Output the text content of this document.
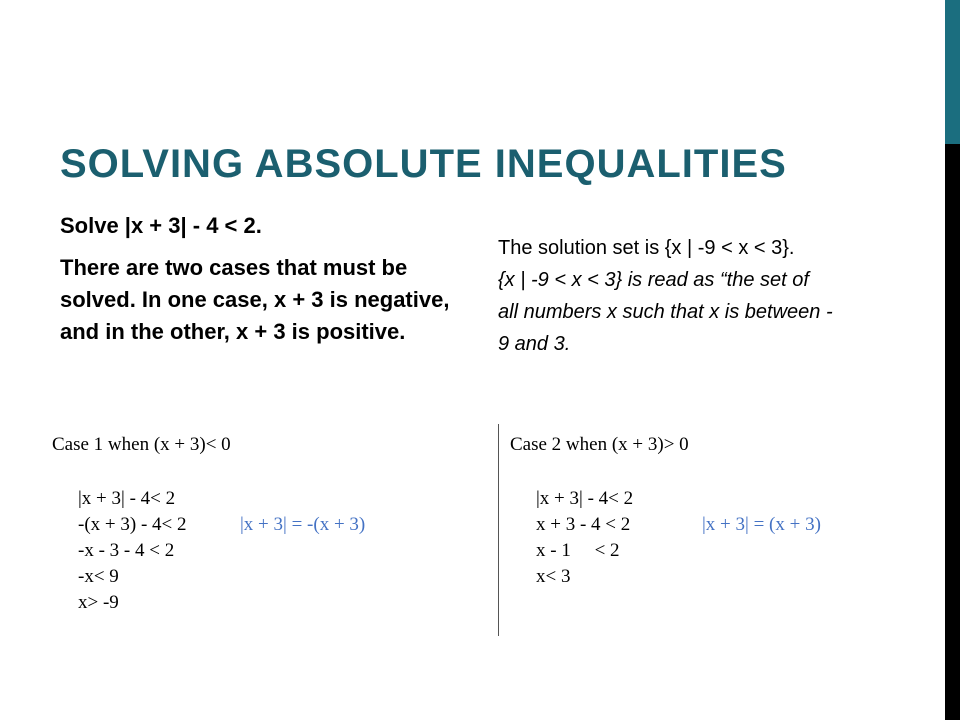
SOLVING ABSOLUTE INEQUALITIES

Solve |x + 3| - 4 < 2.

There are two cases that must be solved. In one case, x + 3 is negative, and in the other, x + 3 is positive.

The solution set is {x | -9 < x < 3}.
{x | -9 < x < 3} is read as “the set of
all numbers x such that x is between -
9 and 3.
Case 1 when (x + 3)< 0
|x + 3| - 4< 2
-(x + 3) - 4< 2	|x + 3| = -(x + 3)
-x - 3 - 4 < 2
-x< 9
x> -9
Case 2 when (x + 3)> 0
|x + 3| - 4< 2
x + 3 - 4 < 2	|x + 3| = (x + 3)
x - 1     < 2
x< 3
